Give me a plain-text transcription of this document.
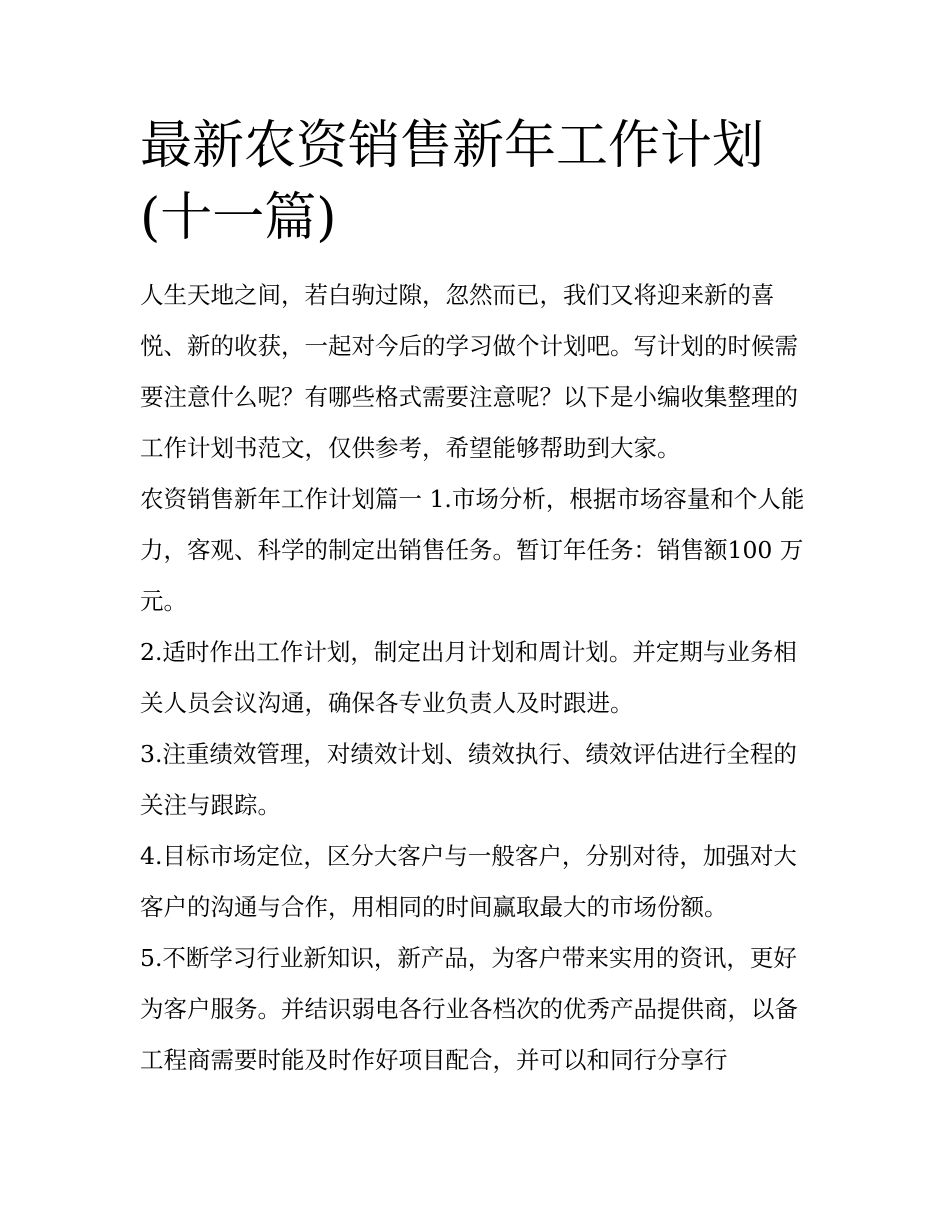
最新农资销售新年工作计划(十一篇)

人生天地之间，若白驹过隙，忽然而已，我们又将迎来新的喜悦、新的收获，一起对今后的学习做个计划吧。写计划的时候需要注意什么呢？有哪些格式需要注意呢？以下是小编收集整理的工作计划书范文，仅供参考，希望能够帮助到大家。

农资销售新年工作计划篇一 1.市场分析，根据市场容量和个人能力，客观、科学的制定出销售任务。暂订年任务：销售额100 万元。

2.适时作出工作计划，制定出月计划和周计划。并定期与业务相关人员会议沟通，确保各专业负责人及时跟进。

3.注重绩效管理，对绩效计划、绩效执行、绩效评估进行全程的关注与跟踪。

4.目标市场定位，区分大客户与一般客户，分别对待，加强对大客户的沟通与合作，用相同的时间赢取最大的市场份额。

5.不断学习行业新知识，新产品，为客户带来实用的资讯，更好为客户服务。并结识弱电各行业各档次的优秀产品提供商，以备工程商需要时能及时作好项目配合，并可以和同行分享行
